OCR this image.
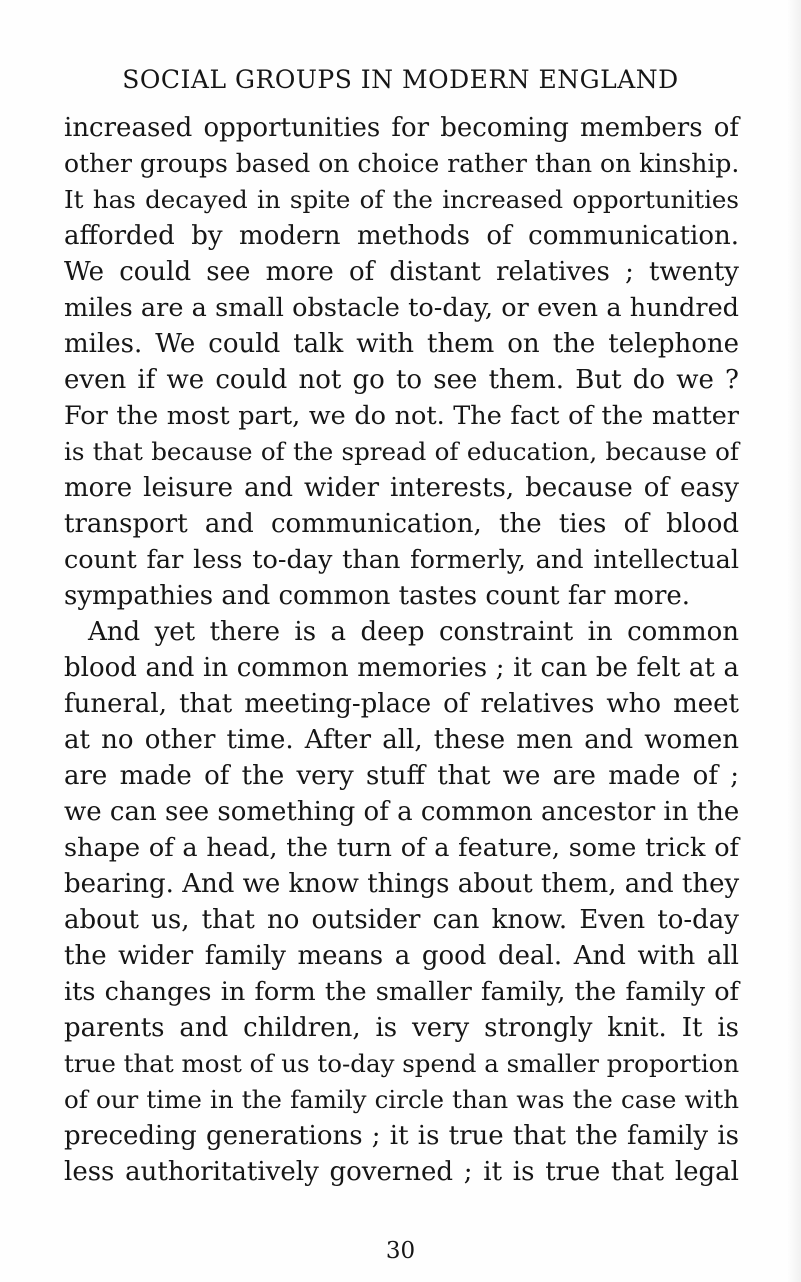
SOCIAL GROUPS IN MODERN ENGLAND
increased opportunities for becoming members of
other groups based on choice rather than on kinship.
It has decayed in spite of the increased opportunities
afforded by modern methods of communication.
We could see more of distant relatives ; twenty
miles are a small obstacle to-day, or even a hundred
miles. We could talk with them on the telephone
even if we could not go to see them. But do we ?
For the most part, we do not. The fact of the matter
is that because of the spread of education, because of
more leisure and wider interests, because of easy
transport and communication, the ties of blood
count far less to-day than formerly, and intellectual
sympathies and common tastes count far more.
And yet there is a deep constraint in common
blood and in common memories ; it can be felt at a
funeral, that meeting-place of relatives who meet
at no other time. After all, these men and women
are made of the very stuff that we are made of ;
we can see something of a common ancestor in the
shape of a head, the turn of a feature, some trick of
bearing. And we know things about them, and they
about us, that no outsider can know. Even to-day
the wider family means a good deal. And with all
its changes in form the smaller family, the family of
parents and children, is very strongly knit. It is
true that most of us to-day spend a smaller proportion
of our time in the family circle than was the case with
preceding generations ; it is true that the family is
less authoritatively governed ; it is true that legal
30
